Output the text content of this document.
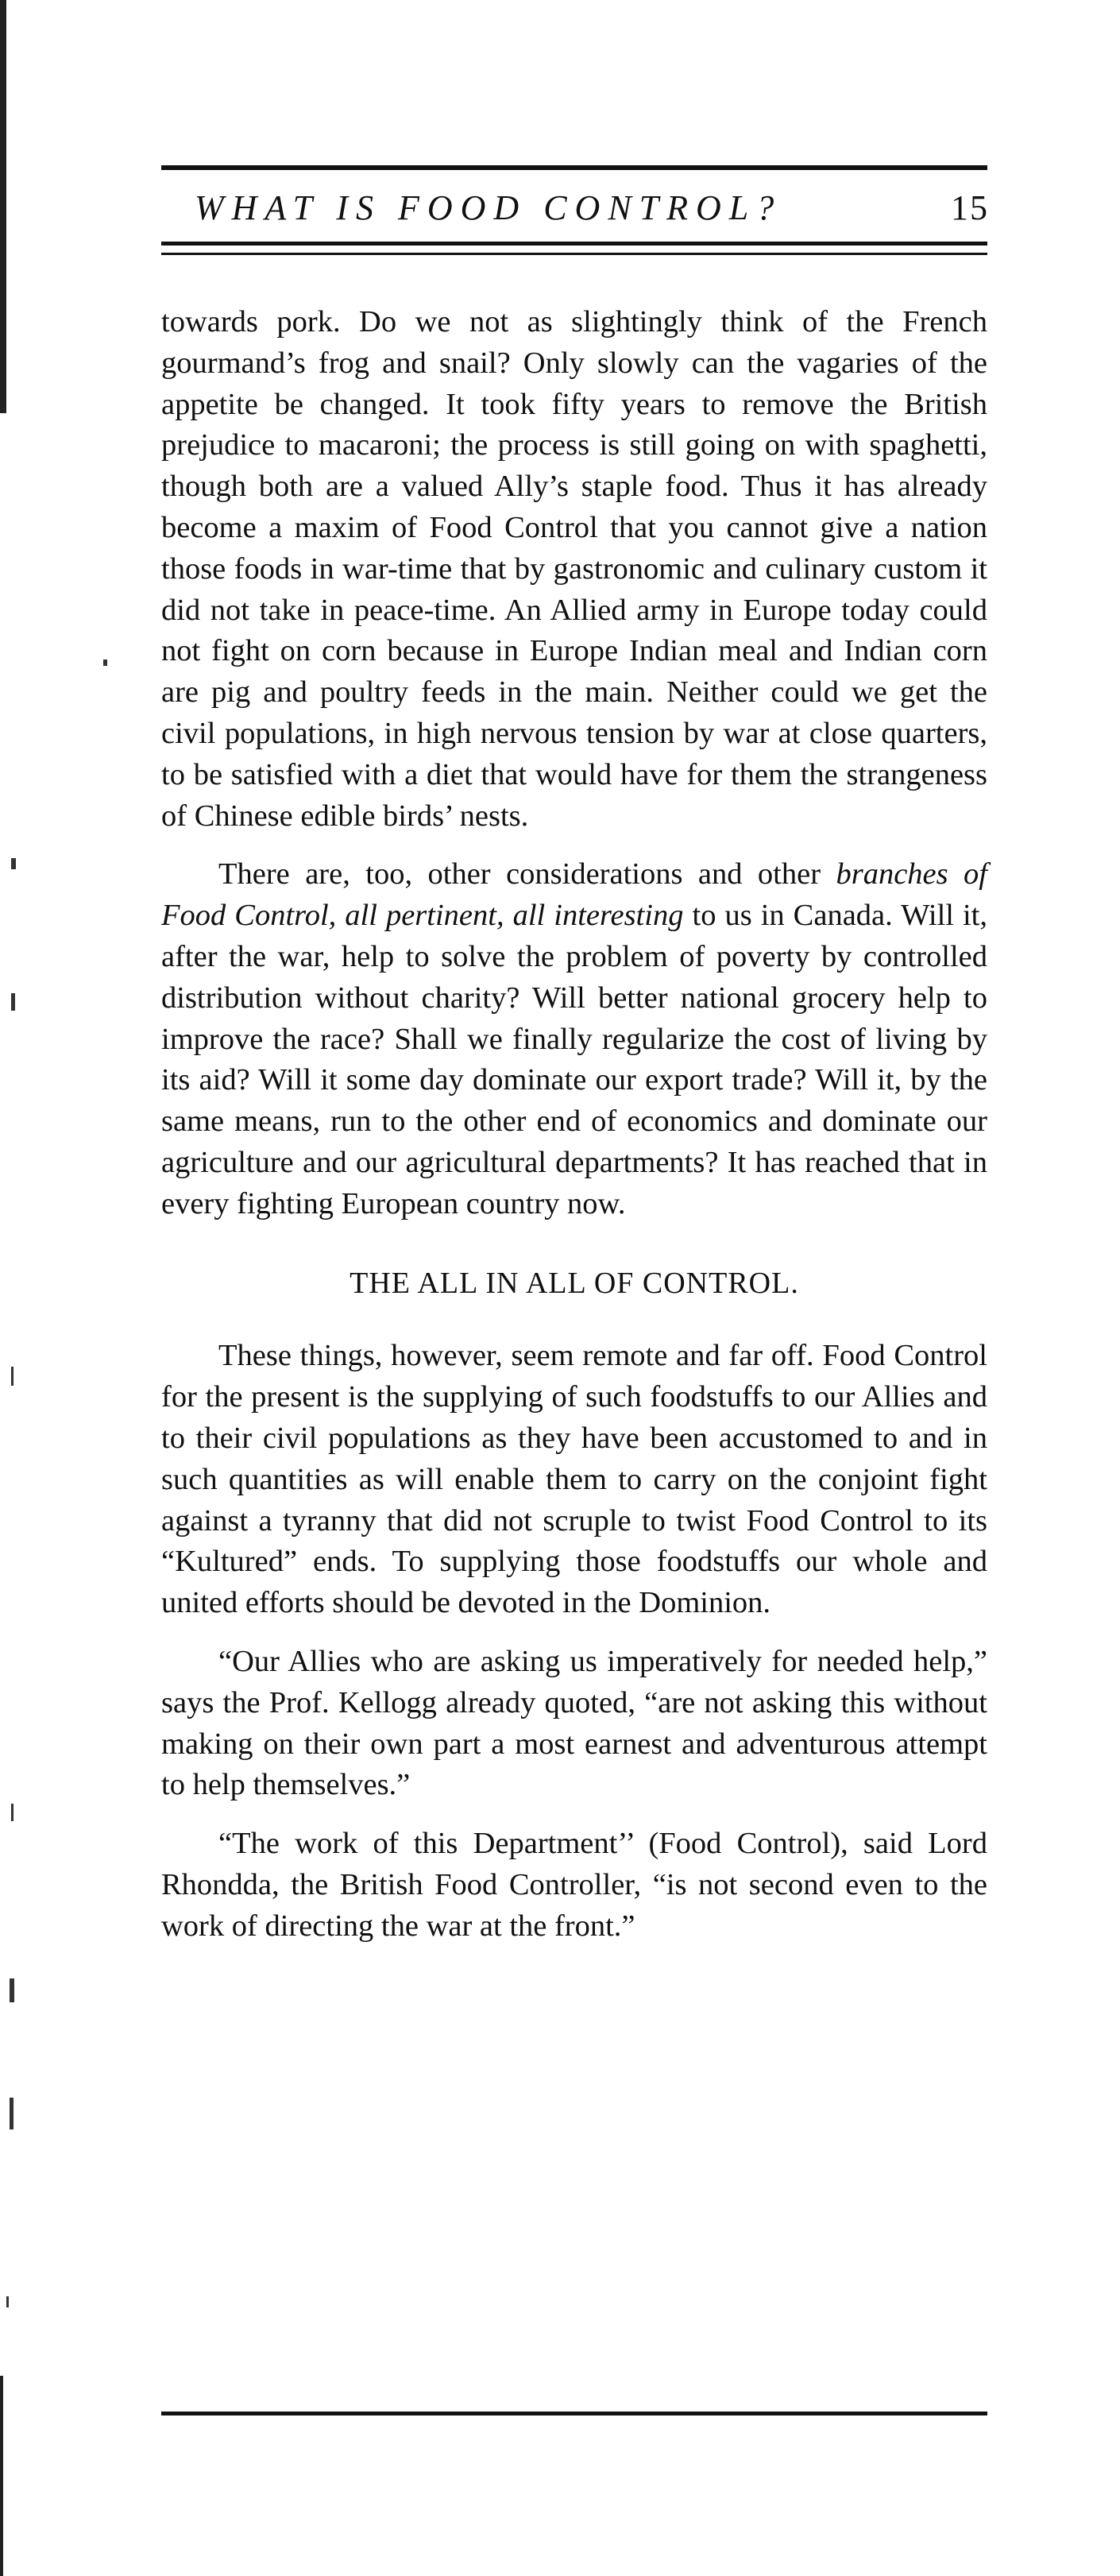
WHAT IS FOOD CONTROL?	15

towards pork. Do we not as slightingly think of the French gourmand’s frog and snail? Only slowly can the vagaries of the appetite be changed. It took fifty years to remove the British prejudice to macaroni; the process is still going on with spaghetti, though both are a valued Ally’s staple food. Thus it has already become a maxim of Food Control that you cannot give a nation those foods in war-time that by gastronomic and culinary custom it did not take in peace-time. An Allied army in Europe today could not fight on corn because in Europe Indian meal and Indian corn are pig and poultry feeds in the main. Neither could we get the civil populations, in high nervous tension by war at close quarters, to be satisfied with a diet that would have for them the strangeness of Chinese edible birds’ nests.

There are, too, other considerations and other branches of Food Control, all pertinent, all interesting to us in Canada. Will it, after the war, help to solve the problem of poverty by controlled distribution without charity? Will better national grocery help to improve the race? Shall we finally regularize the cost of living by its aid? Will it some day dominate our export trade? Will it, by the same means, run to the other end of economics and dominate our agriculture and our agricultural departments? It has reached that in every fighting European country now.

THE ALL IN ALL OF CONTROL.

These things, however, seem remote and far off. Food Control for the present is the supplying of such foodstuffs to our Allies and to their civil populations as they have been accustomed to and in such quantities as will enable them to carry on the conjoint fight against a tyranny that did not scruple to twist Food Control to its “Kultured” ends. To supplying those foodstuffs our whole and united efforts should be devoted in the Dominion.

“Our Allies who are asking us imperatively for needed help,” says the Prof. Kellogg already quoted, “are not asking this without making on their own part a most earnest and adventurous attempt to help themselves.”

“The work of this Department’’ (Food Control), said Lord Rhondda, the British Food Controller, “is not second even to the work of directing the war at the front.”
